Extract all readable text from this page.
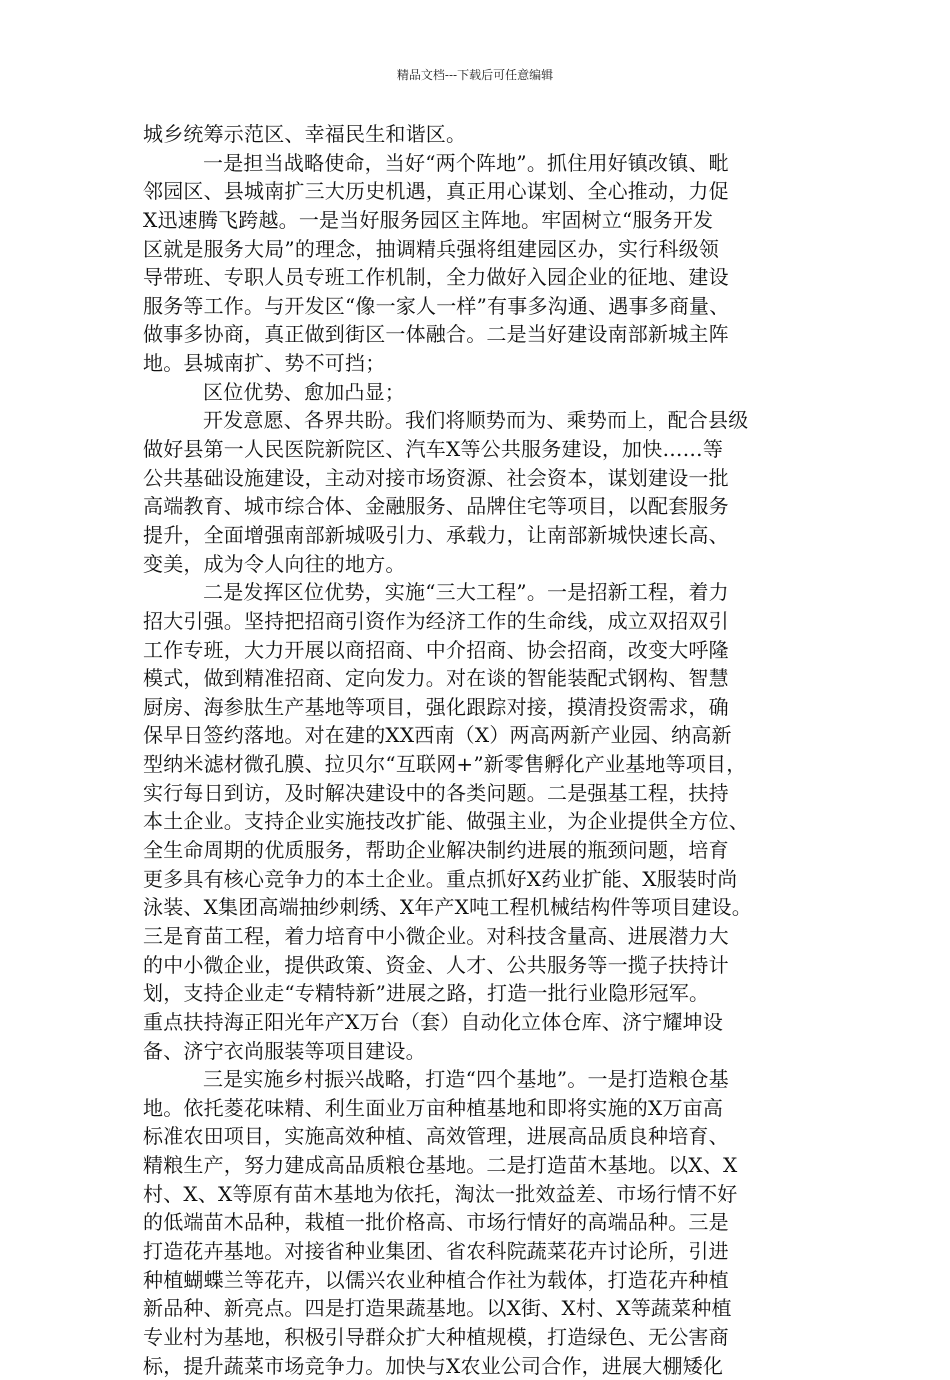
精品文档---下载后可任意编辑
城乡统筹示范区、幸福民生和谐区。
一是担当战略使命，当好“两个阵地”。抓住用好镇改镇、毗
邻园区、县城南扩三大历史机遇，真正用心谋划、全心推动，力促
X迅速腾飞跨越。一是当好服务园区主阵地。牢固树立“服务开发
区就是服务大局”的理念，抽调精兵强将组建园区办，实行科级领
导带班、专职人员专班工作机制，全力做好入园企业的征地、建设
服务等工作。与开发区“像一家人一样”有事多沟通、遇事多商量、
做事多协商，真正做到街区一体融合。二是当好建设南部新城主阵
地。县城南扩、势不可挡；
区位优势、愈加凸显；
开发意愿、各界共盼。我们将顺势而为、乘势而上，配合县级
做好县第一人民医院新院区、汽车X等公共服务建设，加快……等
公共基础设施建设，主动对接市场资源、社会资本，谋划建设一批
高端教育、城市综合体、金融服务、品牌住宅等项目，以配套服务
提升，全面增强南部新城吸引力、承载力，让南部新城快速长高、
变美，成为令人向往的地方。
二是发挥区位优势，实施“三大工程”。一是招新工程，着力
招大引强。坚持把招商引资作为经济工作的生命线，成立双招双引
工作专班，大力开展以商招商、中介招商、协会招商，改变大呼隆
模式，做到精准招商、定向发力。对在谈的智能装配式钢构、智慧
厨房、海参肽生产基地等项目，强化跟踪对接，摸清投资需求，确
保早日签约落地。对在建的XX西南（X）两高两新产业园、纳高新
型纳米滤材微孔膜、拉贝尔“互联网+”新零售孵化产业基地等项目，
实行每日到访，及时解决建设中的各类问题。二是强基工程，扶持
本土企业。支持企业实施技改扩能、做强主业，为企业提供全方位、
全生命周期的优质服务，帮助企业解决制约进展的瓶颈问题，培育
更多具有核心竞争力的本土企业。重点抓好X药业扩能、X服装时尚
泳装、X集团高端抽纱刺绣、X年产X吨工程机械结构件等项目建设。
三是育苗工程，着力培育中小微企业。对科技含量高、进展潜力大
的中小微企业，提供政策、资金、人才、公共服务等一揽子扶持计
划，支持企业走“专精特新”进展之路，打造一批行业隐形冠军。
重点扶持海正阳光年产X万台（套）自动化立体仓库、济宁耀坤设
备、济宁衣尚服装等项目建设。
三是实施乡村振兴战略，打造“四个基地”。一是打造粮仓基
地。依托菱花味精、利生面业万亩种植基地和即将实施的X万亩高
标准农田项目，实施高效种植、高效管理，进展高品质良种培育、
精粮生产，努力建成高品质粮仓基地。二是打造苗木基地。以X、X
村、X、X等原有苗木基地为依托，淘汰一批效益差、市场行情不好
的低端苗木品种，栽植一批价格高、市场行情好的高端品种。三是
打造花卉基地。对接省种业集团、省农科院蔬菜花卉讨论所，引进
种植蝴蝶兰等花卉，以儒兴农业种植合作社为载体，打造花卉种植
新品种、新亮点。四是打造果蔬基地。以X街、X村、X等蔬菜种植
专业村为基地，积极引导群众扩大种植规模，打造绿色、无公害商
标，提升蔬菜市场竞争力。加快与X农业公司合作，进展大棚矮化
